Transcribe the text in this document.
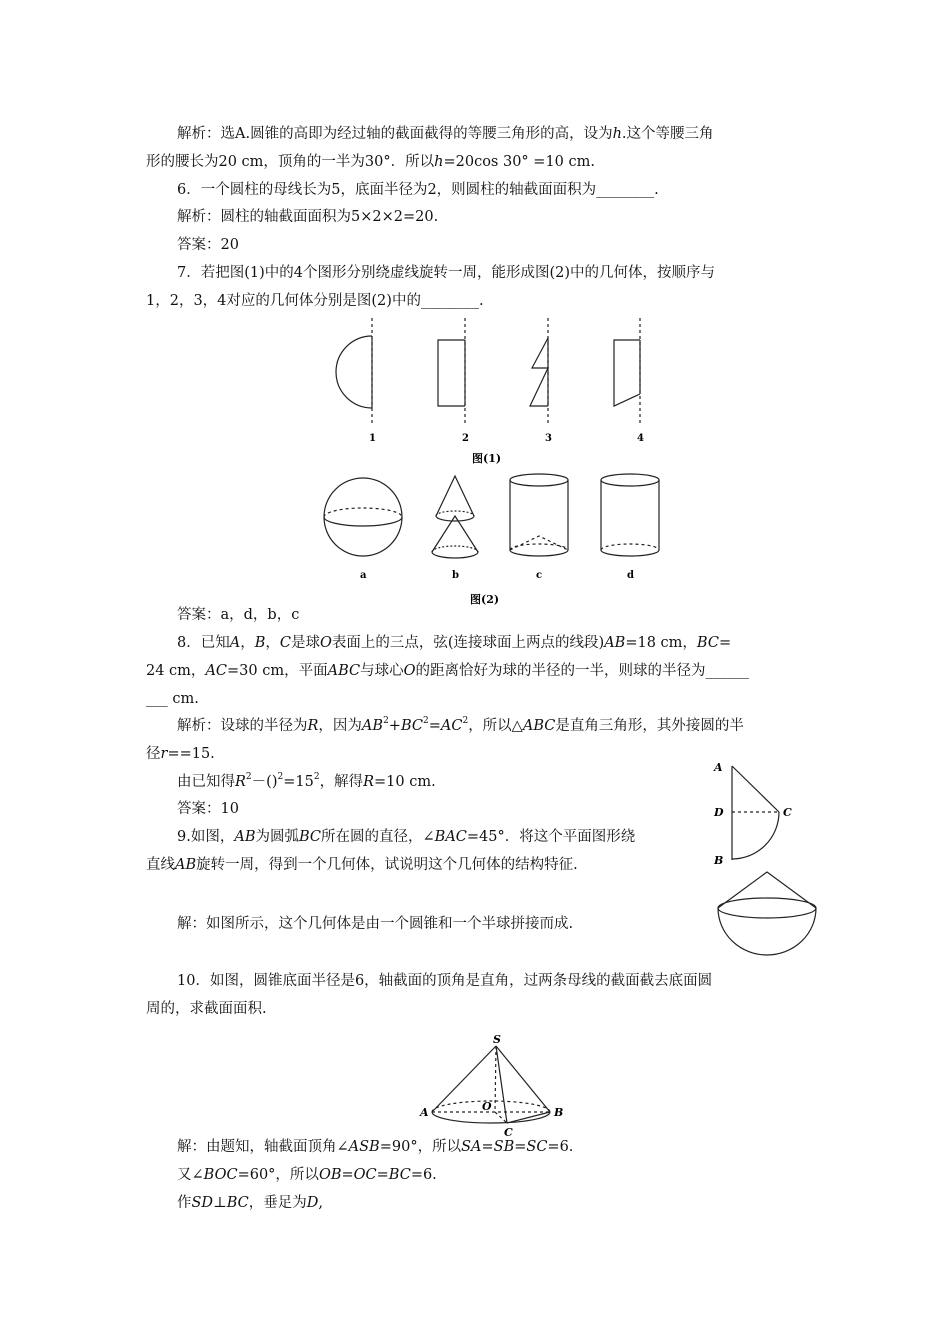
解析：选A.圆锥的高即为经过轴的截面截得的等腰三角形的高，设为h.这个等腰三角
形的腰长为20 cm，顶角的一半为30°．所以h=20cos 30° =10 cm.
6．一个圆柱的母线长为5，底面半径为2，则圆柱的轴截面面积为________.
解析：圆柱的轴截面面积为5×2×2=20.
答案：20
7．若把图(1)中的4个图形分别绕虚线旋转一周，能形成图(2)中的几何体，按顺序与
1，2，3，4对应的几何体分别是图(2)中的________.
1	2	3	4
图(1)
a	b	c	d
图(2)
答案：a，d，b，c
8．已知A，B，C是球O表面上的三点，弦(连接球面上两点的线段)AB=18 cm，BC=
24 cm，AC=30 cm，平面ABC与球心O的距离恰好为球的半径的一半，则球的半径为______
___ cm.
解析：设球的半径为R，因为$AB^2+BC^2=AC^2$，所以△ABC是直角三角形，其外接圆的半
径r==15.
由已知得$R^2-()^2=15^2$，解得R=10 cm.
答案：10
9.如图，AB为圆弧BC所在圆的直径，∠BAC=45°．将这个平面图形绕
直线AB旋转一周，得到一个几何体，试说明这个几何体的结构特征.
A
D	C
B
解：如图所示，这个几何体是由一个圆锥和一个半球拼接而成.
10．如图，圆锥底面半径是6，轴截面的顶角是直角，过两条母线的截面截去底面圆
周的，求截面面积.
S
A	O	B
C
解：由题知，轴截面顶角∠ASB=90°，所以SA=SB=SC=6.
又∠BOC=60°，所以OB=OC=BC=6.
作SD⊥BC，垂足为D,
